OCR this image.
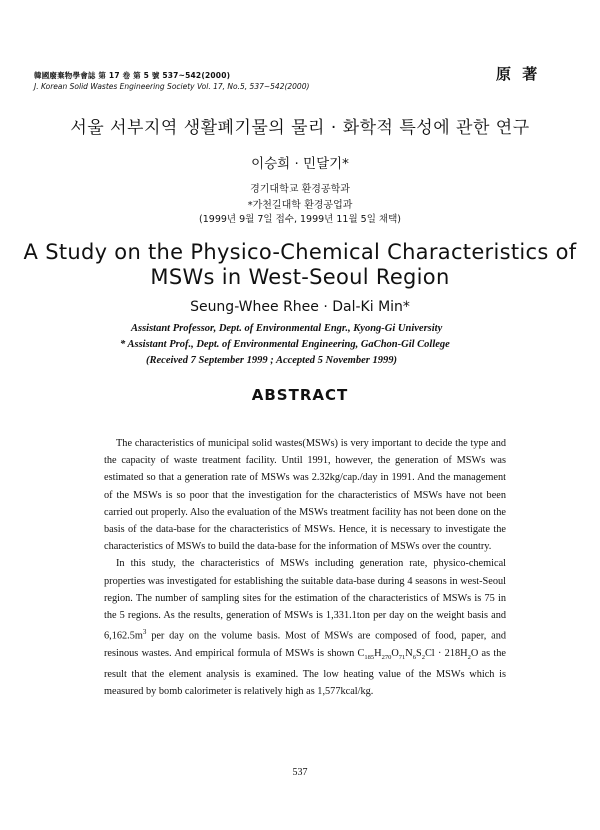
韓國廢棄物學會誌 第 17 卷 第 5 號 537~542(2000)
J. Korean Solid Wastes Engineering Society Vol. 17, No.5, 537~542(2000)
原 著
서울 서부지역 생활폐기물의 물리 · 화학적 특성에 관한 연구
이승희 · 민달기*
경기대학교 환경공학과
*가천길대학 환경공업과
(1999년 9월 7일 접수, 1999년 11월 5일 채택)
A Study on the Physico-Chemical Characteristics of
MSWs in West-Seoul Region
Seung-Whee Rhee · Dal-Ki Min*
Assistant Professor, Dept. of Environmental Engr., Kyong-Gi University
* Assistant Prof., Dept. of Environmental Engineering, GaChon-Gil College
(Received 7 September 1999 ; Accepted 5 November 1999)
ABSTRACT

The characteristics of municipal solid wastes(MSWs) is very important to decide the type and the capacity of waste treatment facility. Until 1991, however, the generation of MSWs was estimated so that a generation rate of MSWs was 2.32kg/cap./day in 1991. And the management of the MSWs is so poor that the investigation for the characteristics of MSWs have not been carried out properly. Also the evaluation of the MSWs treatment facility has not been done on the basis of the data-base for the characteristics of MSWs. Hence, it is necessary to investigate the characteristics of MSWs to build the data-base for the information of MSWs over the country.

In this study, the characteristics of MSWs including generation rate, physico-chemical properties was investigated for establishing the suitable data-base during 4 seasons in west-Seoul region. The number of sampling sites for the estimation of the characteristics of MSWs is 75 in the 5 regions. As the results, generation of MSWs is 1,331.1ton per day on the weight basis and $6,162.5m^3$ per day on the volume basis. Most of MSWs are composed of food, paper, and resinous wastes. And empirical formula of MSWs is shown $C_{185}H_{270}O_{71}N_6S_2Cl \cdot 218H_2O$ as the result that the element analysis is examined. The low heating value of the MSWs which is measured by bomb calorimeter is relatively high as 1,577kcal/kg.

537
